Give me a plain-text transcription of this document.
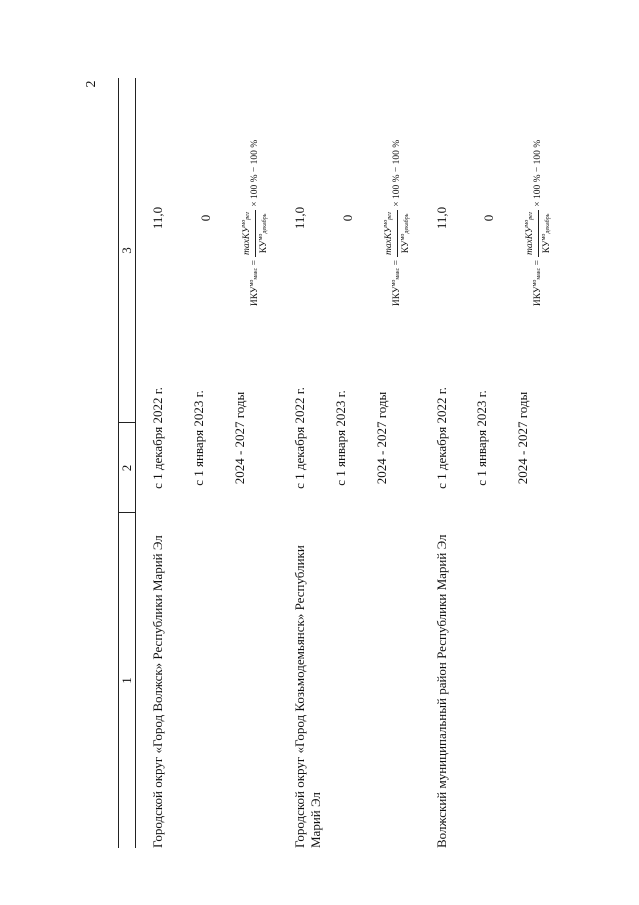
2
1
2
3
Городской округ «Город Волжск» Республики Марий Эл
с 1 декабря 2022 г.
11,0
с 1 января 2023 г.
0
2024 - 2027 годы
$ИКУ^{мо}макс$
=
maxКУ$^{мо}$рег
$КУ^{мо}декабрь$
× 100 % − 100 %
Городской округ «Город Козьмодемьянск» Республики Марий Эл
с 1 декабря 2022 г.
11,0
с 1 января 2023 г.
0
2024 - 2027 годы
$ИКУ^{мо}макс$
=
maxКУ$^{мо}$рег
$КУ^{мо}декабрь$
× 100 % − 100 %
Волжский муниципальный район Республики Марий Эл
с 1 декабря 2022 г.
11,0
с 1 января 2023 г.
0
2024 - 2027 годы
$ИКУ^{мо}макс$
=
maxКУ$^{мо}$рег
$КУ^{мо}декабрь$
× 100 % − 100 %
